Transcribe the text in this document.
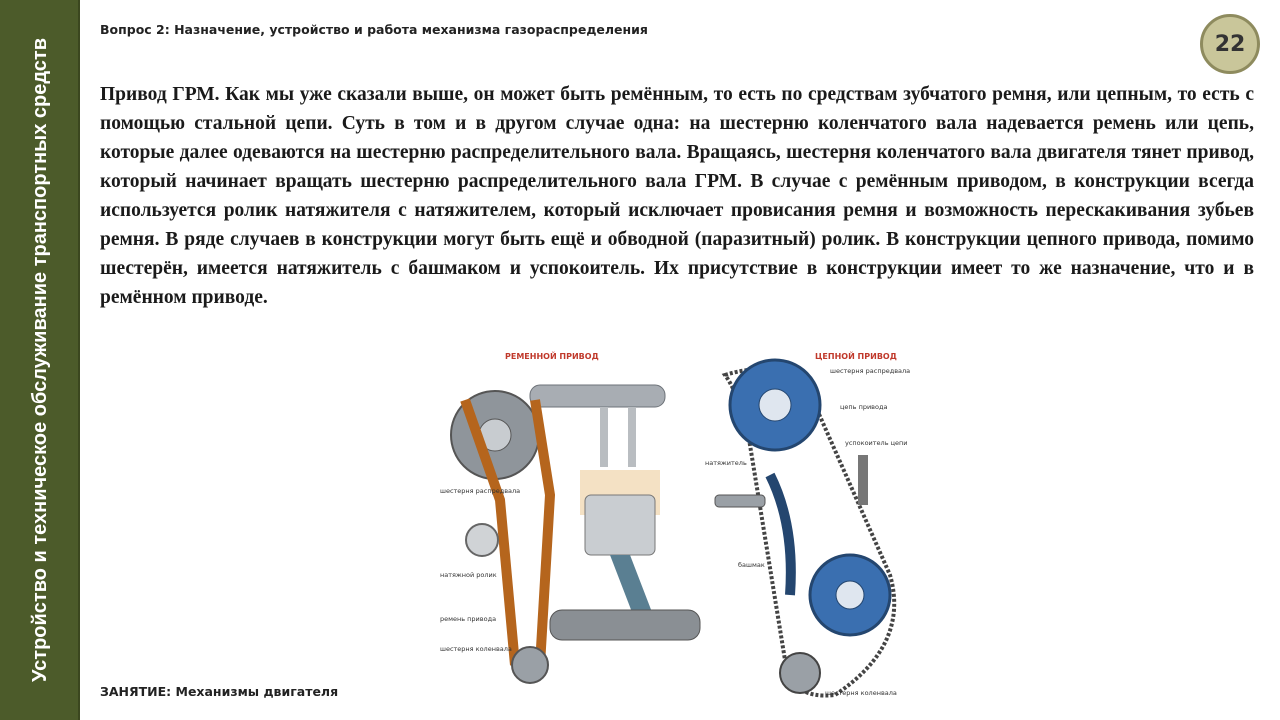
Устройство и техническое обслуживание транспортных средств
Вопрос 2: Назначение, устройство и работа механизма газораспределения
22
Привод ГРМ. Как мы уже сказали выше, он может быть ремённым, то есть по средствам зубчатого ремня, или цепным, то есть с помощью стальной цепи. Суть в том и в другом случае одна: на шестерню коленчатого вала надевается ремень или цепь, которые далее одеваются на шестерню распределительного вала. Вращаясь, шестерня коленчатого вала двигателя тянет привод, который начинает вращать шестерню распределительного вала ГРМ. В случае с ремённым приводом, в конструкции всегда используется ролик натяжителя с натяжителем, который исключает провисания ремня и возможность перескакивания зубьев ремня. В ряде случаев в конструкции могут быть ещё и обводной (паразитный) ролик. В конструкции цепного привода, помимо шестерён, имеется натяжитель с башмаком и успокоитель. Их присутствие в конструкции имеет то же назначение, что и в ремённом приводе.
РЕМЕННОЙ ПРИВОД
шестерня распредвала
натяжной ролик
ремень привода
шестерня коленвала
ЦЕПНОЙ ПРИВОД
шестерня распредвала
цепь привода
успокоитель цепи
натяжитель
башмак
шестерня коленвала
ЗАНЯТИЕ: Механизмы двигателя
